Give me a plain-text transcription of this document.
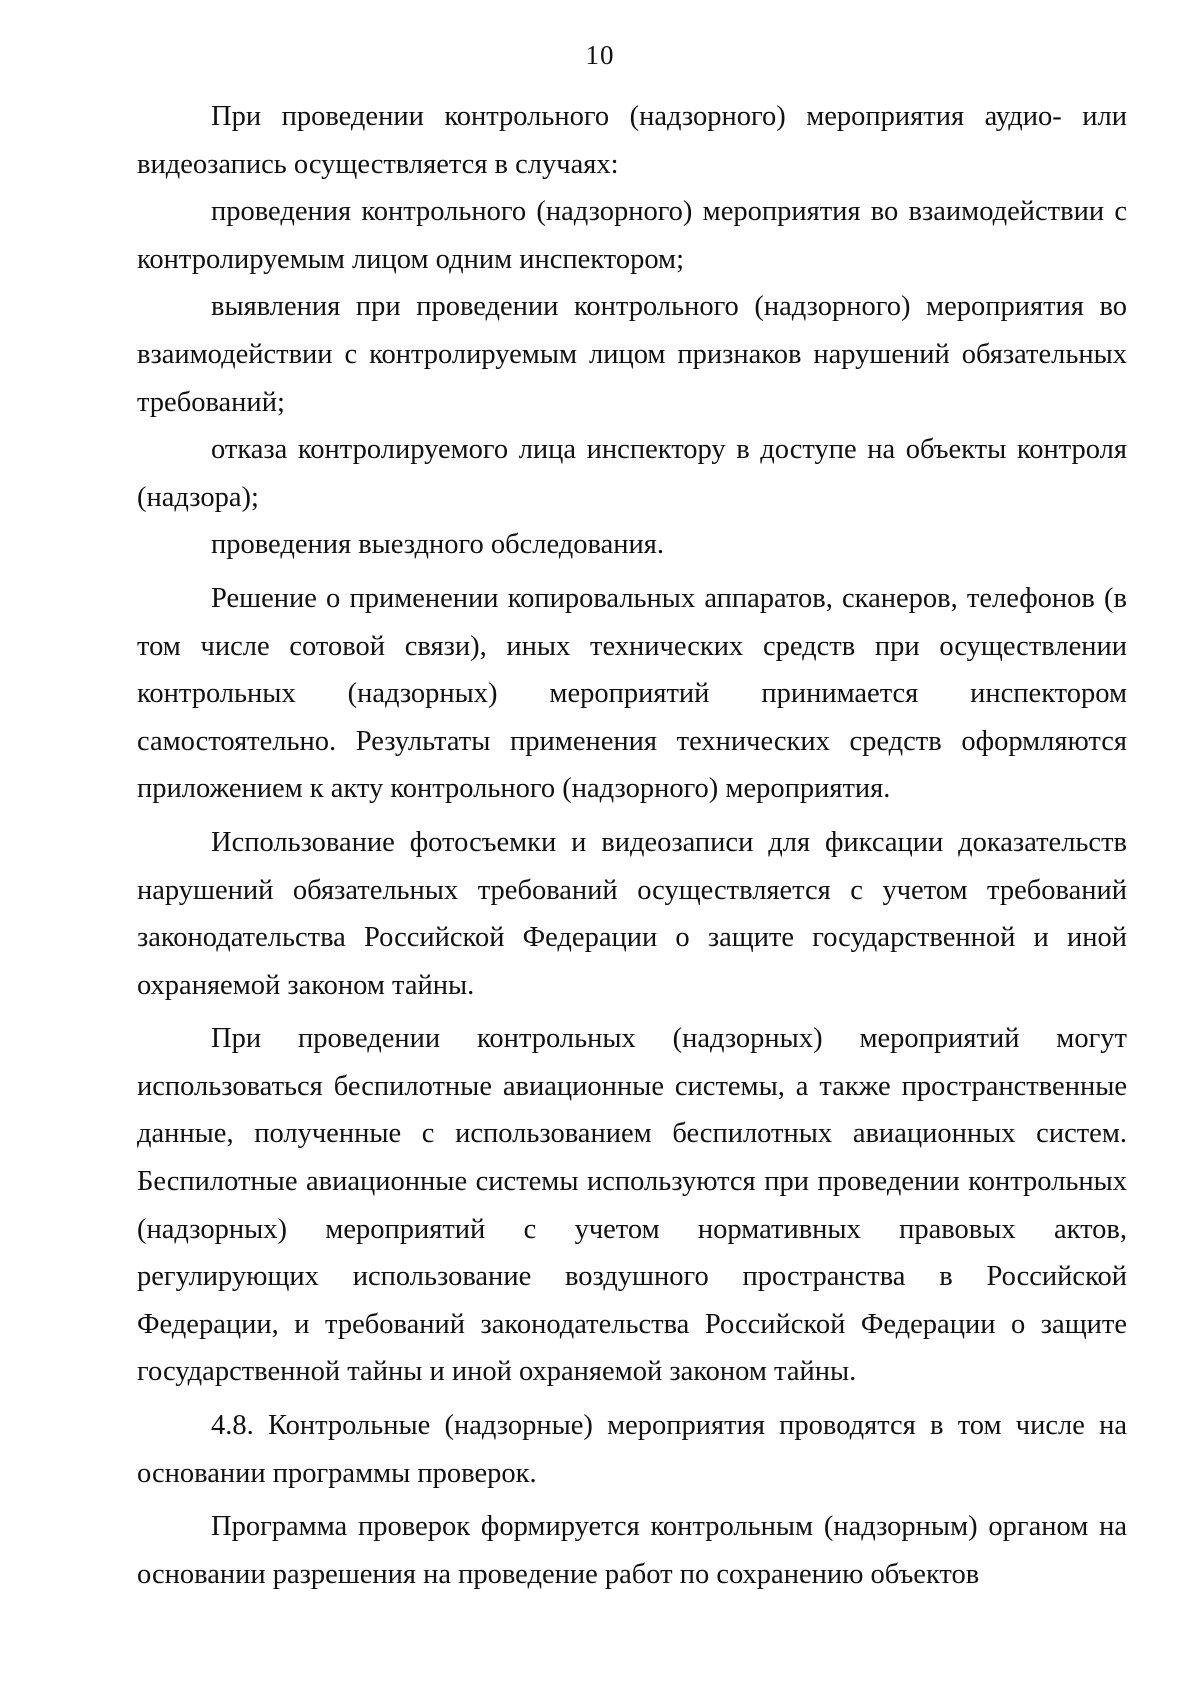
10

При проведении контрольного (надзорного) мероприятия аудио- или видеозапись осуществляется в случаях:

проведения контрольного (надзорного) мероприятия во взаимодействии с контролируемым лицом одним инспектором;

выявления при проведении контрольного (надзорного) мероприятия во взаимодействии с контролируемым лицом признаков нарушений обязательных требований;

отказа контролируемого лица инспектору в доступе на объекты контроля (надзора);

проведения выездного обследования.

Решение о применении копировальных аппаратов, сканеров, телефонов (в том числе сотовой связи), иных технических средств при осуществлении контрольных (надзорных) мероприятий принимается инспектором самостоятельно. Результаты применения технических средств оформляются приложением к акту контрольного (надзорного) мероприятия.

Использование фотосъемки и видеозаписи для фиксации доказательств нарушений обязательных требований осуществляется с учетом требований законодательства Российской Федерации о защите государственной и иной охраняемой законом тайны.

При проведении контрольных (надзорных) мероприятий могут использоваться беспилотные авиационные системы, а также пространственные данные, полученные с использованием беспилотных авиационных систем. Беспилотные авиационные системы используются при проведении контрольных (надзорных) мероприятий с учетом нормативных правовых актов, регулирующих использование воздушного пространства в Российской Федерации, и требований законодательства Российской Федерации о защите государственной тайны и иной охраняемой законом тайны.

4.8. Контрольные (надзорные) мероприятия проводятся в том числе на основании программы проверок.

Программа проверок формируется контрольным (надзорным) органом на основании разрешения на проведение работ по сохранению объектов
